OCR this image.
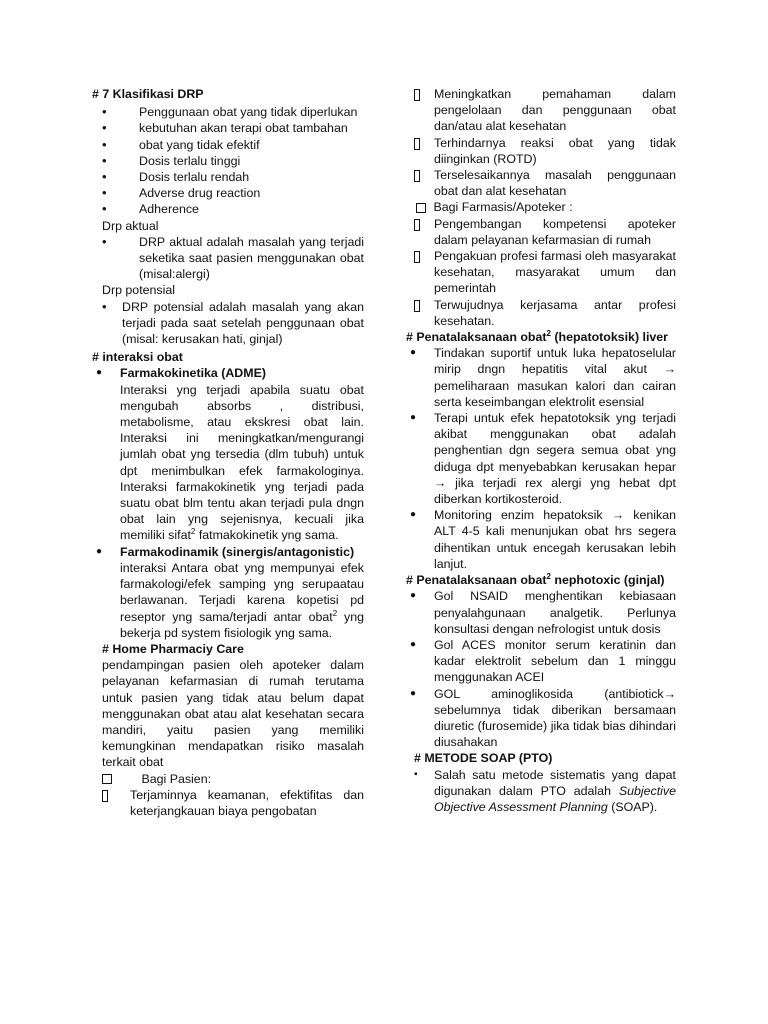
# 7 Klasifikasi DRP
•	Penggunaan obat yang tidak diperlukan
•	kebutuhan akan terapi obat tambahan
•	obat yang tidak efektif
•	Dosis terlalu tinggi
•	Dosis terlalu rendah
•	Adverse drug reaction
•	Adherence
Drp aktual
•	DRP aktual adalah masalah yang terjadi seketika saat pasien menggunakan obat (misal:alergi)
Drp potensial
•	DRP potensial adalah masalah yang akan terjadi pada saat setelah penggunaan obat (misal: kerusakan hati, ginjal)
# interaksi obat
●	Farmakokinetika (ADME)
Interaksi yng terjadi apabila suatu obat mengubah absorbs , distribusi, metabolisme, atau ekskresi obat lain. Interaksi ini meningkatkan/mengurangi jumlah obat yng tersedia (dlm tubuh) untuk dpt menimbulkan efek farmakologinya. Interaksi farmakokinetik yng terjadi pada suatu obat blm tentu akan terjadi pula dngn obat lain yng sejenisnya, kecuali jika memiliki sifat$^2$ fatmakokinetik yng sama.
●	Farmakodinamik (sinergis/antagonistic)
interaksi Antara obat yng mempunyai efek farmakologi/efek samping yng serupaatau berlawanan. Terjadi karena kopetisi pd reseptor yng sama/terjadi antar obat$^2$ yng bekerja pd system fisiologik yng sama.
# Home Pharmaciy Care
pendampingan pasien oleh apoteker dalam pelayanan kefarmasian di rumah terutama untuk pasien yang tidak atau belum dapat menggunakan obat atau alat kesehatan secara mandiri, yaitu pasien yang memiliki kemungkinan mendapatkan risiko masalah terkait obat
Bagi Pasien:
Terjaminnya keamanan, efektifitas dan keterjangkauan biaya pengobatan
Meningkatkan pemahaman dalam pengelolaan dan penggunaan obat dan/atau alat kesehatan
Terhindarnya reaksi obat yang tidak diinginkan (ROTD)
Terselesaikannya masalah penggunaan obat dan alat kesehatan
Bagi Farmasis/Apoteker :
Pengembangan kompetensi apoteker dalam pelayanan kefarmasian di rumah
Pengakuan profesi farmasi oleh masyarakat kesehatan, masyarakat umum dan pemerintah
Terwujudnya kerjasama antar profesi kesehatan.
# Penatalaksanaan obat$^2$ (hepatotoksik) liver
●	Tindakan suportif untuk luka hepatoselular mirip dngn hepatitis vital akut → pemeliharaan masukan kalori dan cairan serta keseimbangan elektrolit esensial
●	Terapi untuk efek hepatotoksik yng terjadi akibat menggunakan obat adalah penghentian dgn segera semua obat yng diduga dpt menyebabkan kerusakan hepar → jika terjadi rex alergi yng hebat dpt diberkan kortikosteroid.
●	Monitoring enzim hepatoksik → kenikan ALT 4-5 kali menunjukan obat hrs segera dihentikan untuk encegah kerusakan lebih lanjut.
# Penatalaksanaan obat$^2$ nephotoxic (ginjal)
●	Gol NSAID menghentikan kebiasaan penyalahgunaan analgetik. Perlunya konsultasi dengan nefrologist untuk dosis
●	Gol ACES monitor serum keratinin dan kadar elektrolit sebelum dan 1 minggu menggunakan ACEI
●	GOL aminoglikosida (antibiotick→ sebelumnya tidak diberikan bersamaan diuretic (furosemide) jika tidak bias dihindari diusahakan
# METODE SOAP (PTO)
▪	Salah satu metode sistematis yang dapat digunakan dalam PTO adalah Subjective Objective Assessment Planning (SOAP).
